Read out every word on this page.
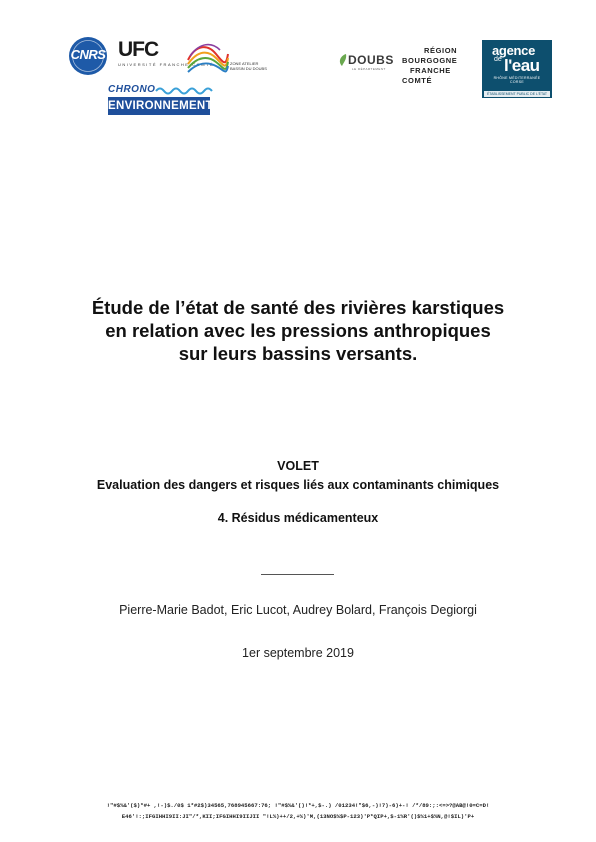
CNRS UFC
UNIVERSITÉ FRANCHE-COMTÉ	ZONE ATELIER
BASSIN DU DOUBS
CHRONO
ENVIRONNEMENT
DOUBS
LE DÉPARTEMENT
RÉGION
BOURGOGNE
FRANCHE
COMTÉ
agence
de l'eau
RHÔNE MÉDITERRANÉE CORSE
ÉTABLISSEMENT PUBLIC DE L'ÉTAT
Étude de l’état de santé des rivières karstiques
en relation avec les pressions anthropiques
sur leurs bassins versants.
VOLET
Evaluation des dangers et risques liés aux contaminants chimiques
4. Résidus médicamenteux
Pierre-Marie Badot, Eric Lucot, Audrey Bolard, François Degiorgi
1er septembre 2019
!"#$%&'($)*#+ ,!-)$./0$ 1*#2$)34565,768945667:76; !"#$%&'()!*+,$-.) /01234!"$6,-)!7)-6)+-! /*/89:;:<=>?@AB@!0=C=D!
E46'!:;IFGIHHI9II:JI"/*,KII;IFGIHHI9IIJII "!L%)++/2,+%)'M,(13NO$%$P-123)'P*QIP+,$-1%R'()$%1+$%N,@!$IL)'P+
